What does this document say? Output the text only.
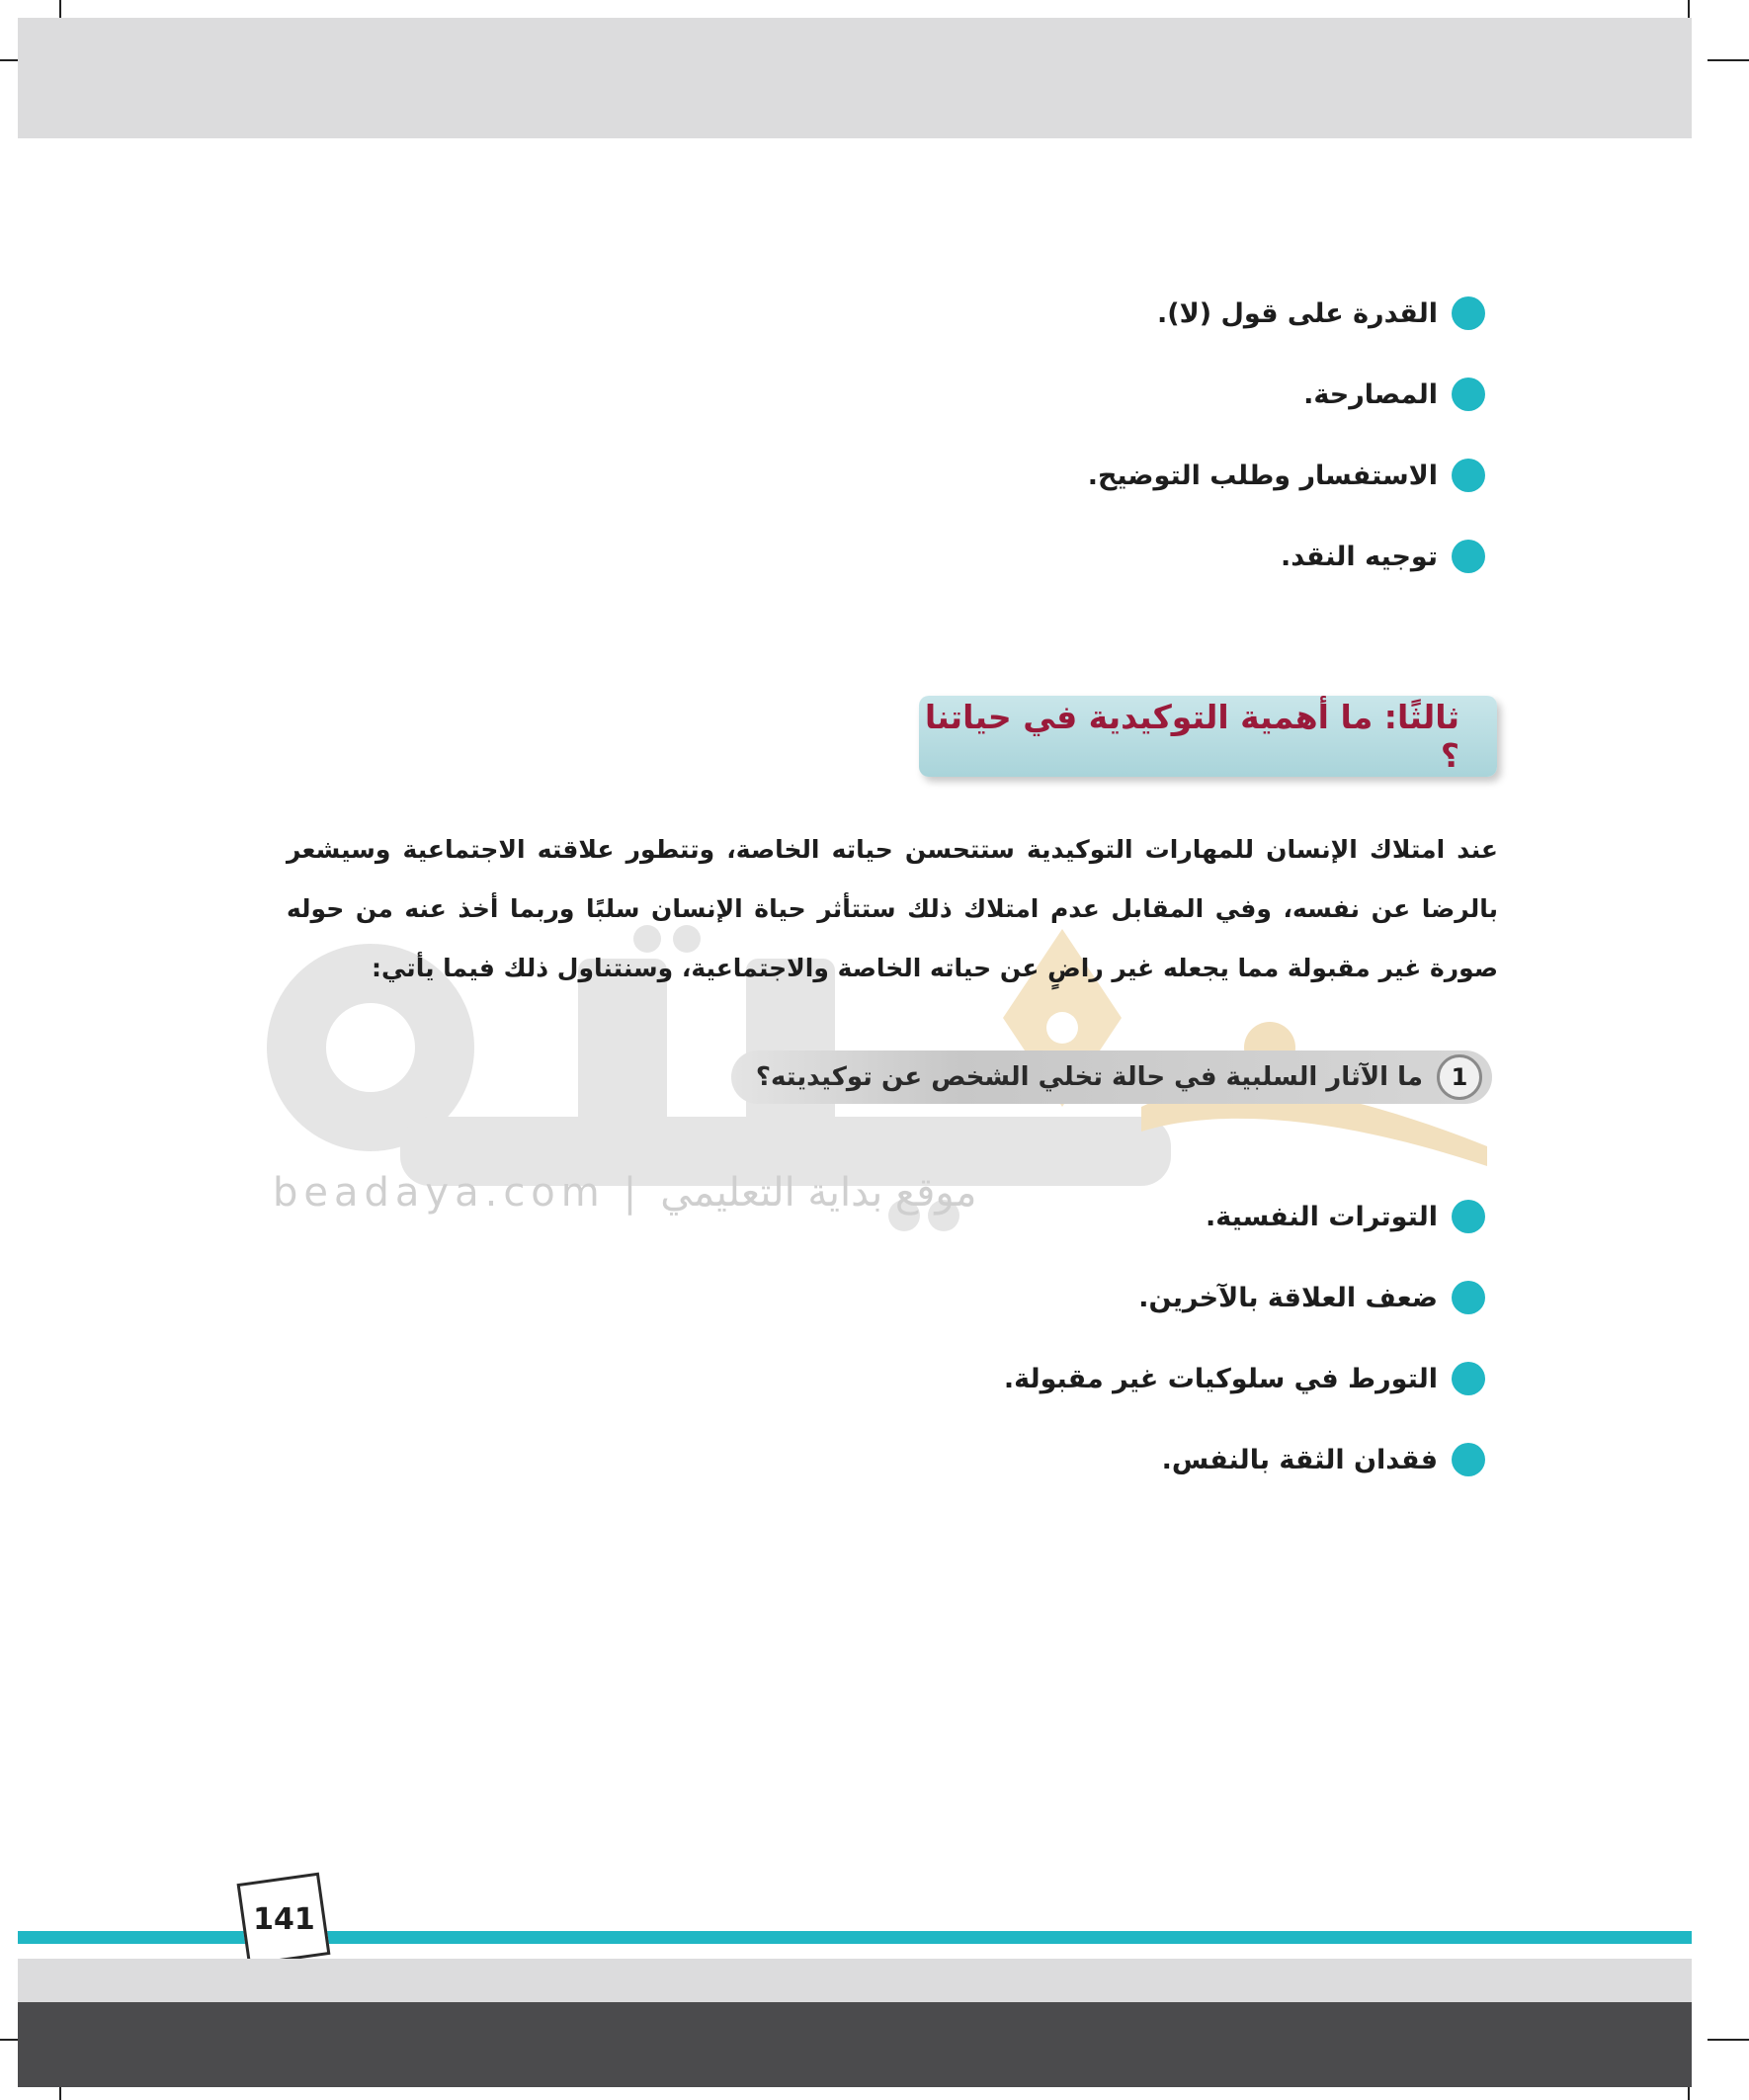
beadaya.com | موقع بداية التعليمي
القدرة على قول (لا).
المصارحة.
الاستفسار وطلب التوضيح.
توجيه النقد.
ثالثًا: ما أهمية التوكيدية في حياتنا ؟

عند امتلاك الإنسان للمهارات التوكيدية ستتحسن حياته الخاصة، وتتطور علاقته الاجتماعية وسيشعر بالرضا عن نفسه، وفي المقابل عدم امتلاك ذلك ستتأثر حياة الإنسان سلبًا وربما أخذ عنه من حوله صورة غير مقبولة مما يجعله غير راضٍ عن حياته الخاصة والاجتماعية، وسنتناول ذلك فيما يأتي:

1
ما الآثار السلبية في حالة تخلي الشخص عن توكيديته؟
التوترات النفسية.
ضعف العلاقة بالآخرين.
التورط في سلوكيات غير مقبولة.
فقدان الثقة بالنفس.
141
